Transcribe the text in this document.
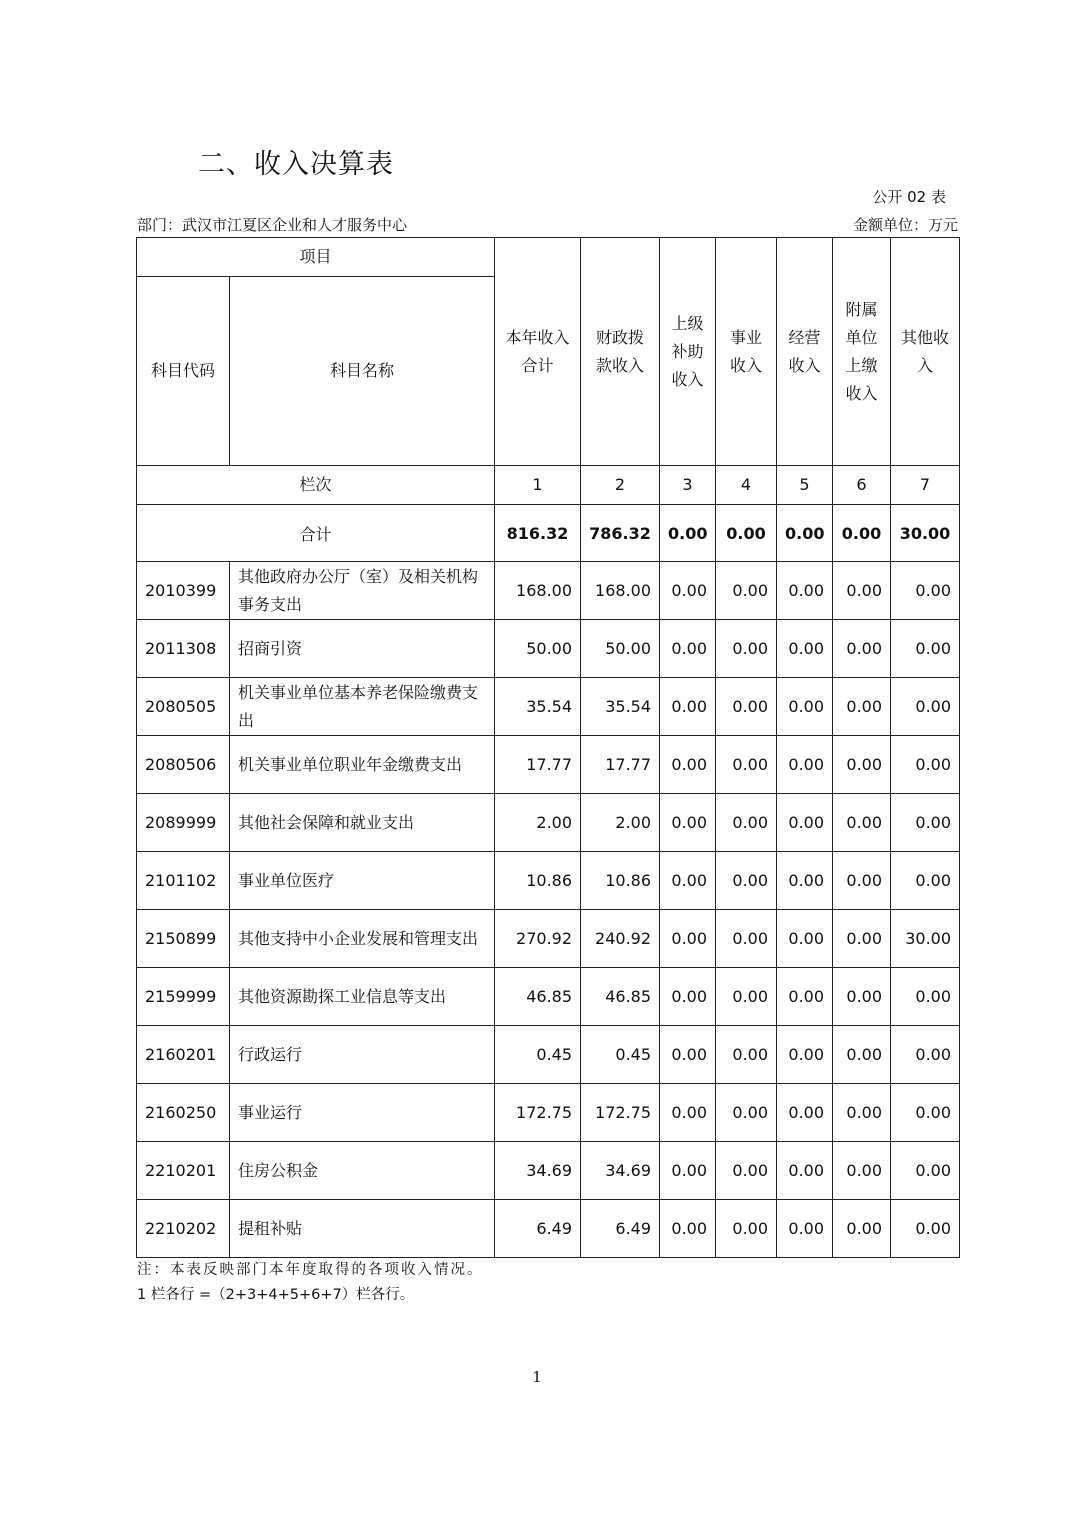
二、收入决算表
公开 02 表
部门：武汉市江夏区企业和人才服务中心	金额单位：万元
项目		本年收入合计	财政拨款收入	上级补助收入	事业收入	经营收入	附属单位上缴收入	其他收入
科目代码	科目名称							
栏次		1	2	3	4	5	6	7
合计		816.32	786.32	0.00	0.00	0.00	0.00	30.00
2010399	其他政府办公厅（室）及相关机构事务支出	168.00	168.00	0.00	0.00	0.00	0.00	0.00
2011308	招商引资	50.00	50.00	0.00	0.00	0.00	0.00	0.00
2080505	机关事业单位基本养老保险缴费支出	35.54	35.54	0.00	0.00	0.00	0.00	0.00
2080506	机关事业单位职业年金缴费支出	17.77	17.77	0.00	0.00	0.00	0.00	0.00
2089999	其他社会保障和就业支出	2.00	2.00	0.00	0.00	0.00	0.00	0.00
2101102	事业单位医疗	10.86	10.86	0.00	0.00	0.00	0.00	0.00
2150899	其他支持中小企业发展和管理支出	270.92	240.92	0.00	0.00	0.00	0.00	30.00
2159999	其他资源勘探工业信息等支出	46.85	46.85	0.00	0.00	0.00	0.00	0.00
2160201	行政运行	0.45	0.45	0.00	0.00	0.00	0.00	0.00
2160250	事业运行	172.75	172.75	0.00	0.00	0.00	0.00	0.00
2210201	住房公积金	34.69	34.69	0.00	0.00	0.00	0.00	0.00
2210202	提租补贴	6.49	6.49	0.00	0.00	0.00	0.00	0.00
注：本表反映部门本年度取得的各项收入情况。
1 栏各行 =（2+3+4+5+6+7）栏各行。
1
